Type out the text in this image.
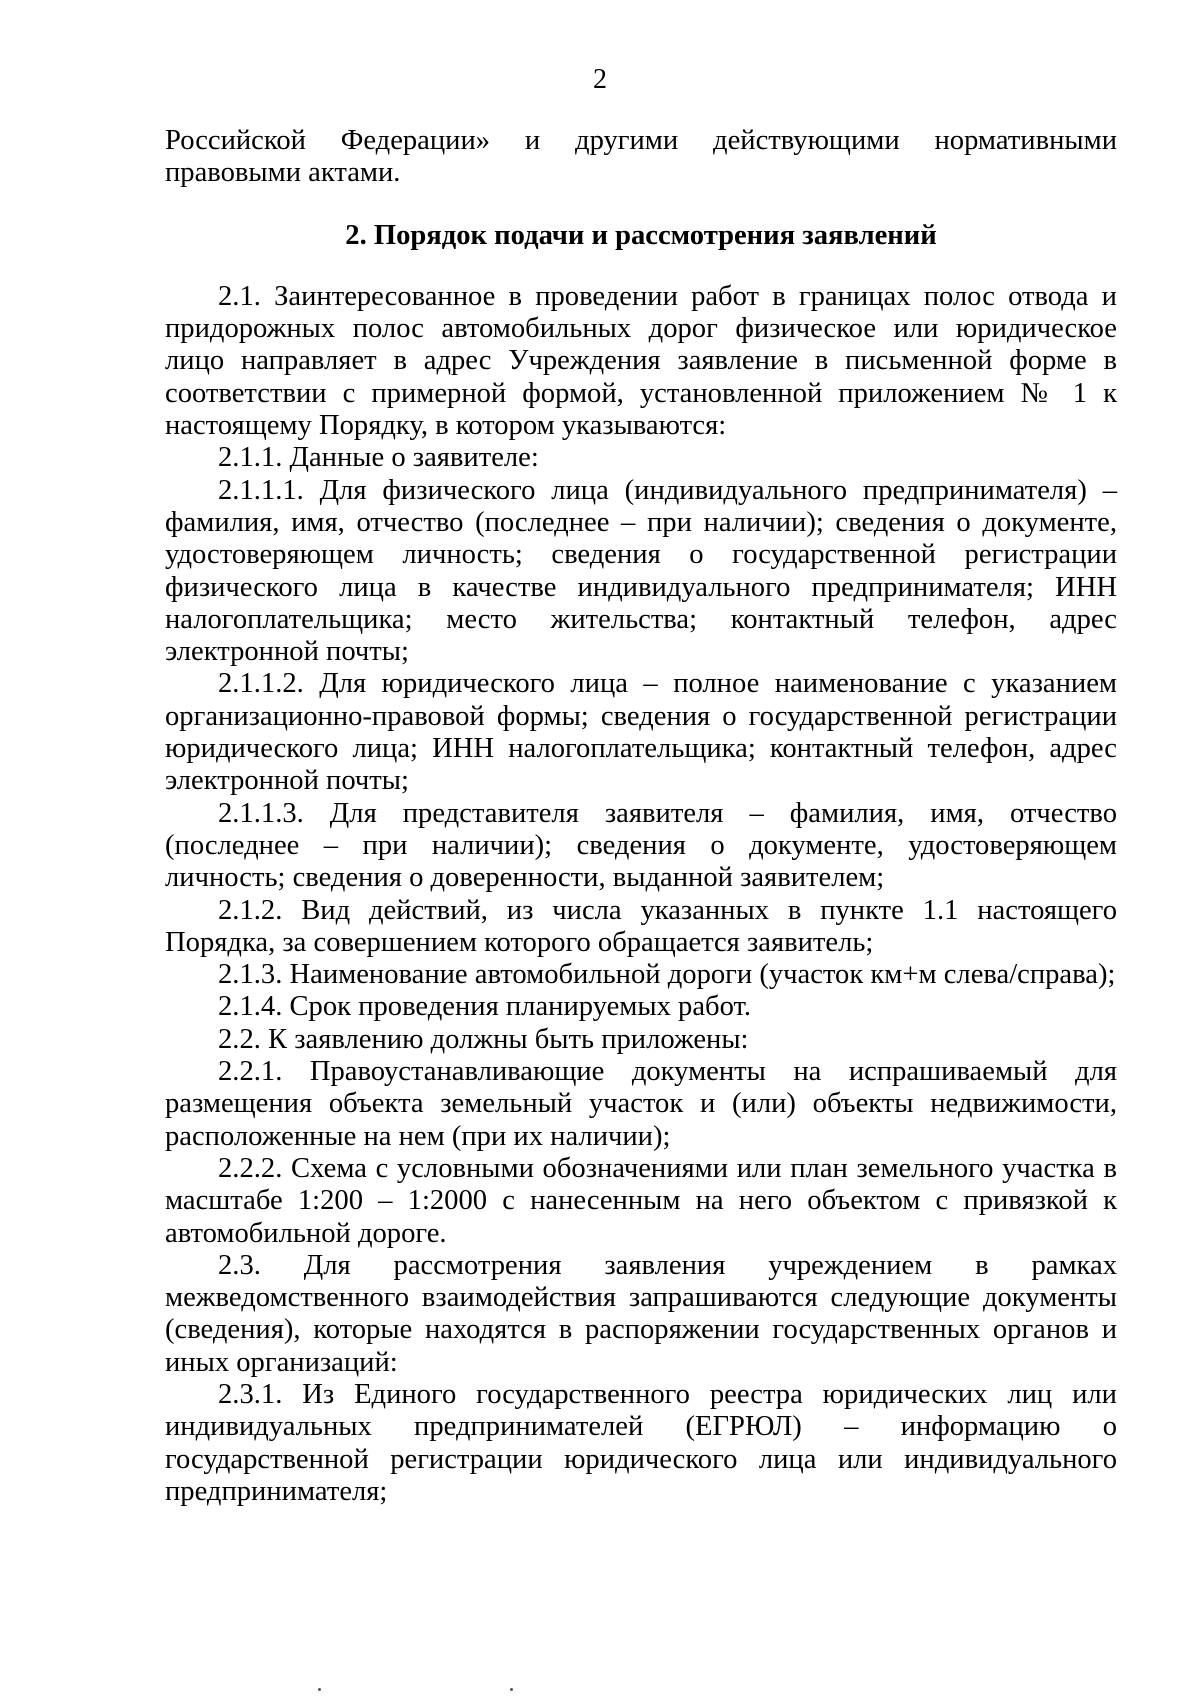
2

Российской Федерации» и другими действующими нормативными правовыми актами.

2. Порядок подачи и рассмотрения заявлений

2.1. Заинтересованное в проведении работ в границах полос отвода и придорожных полос автомобильных дорог физическое или юридическое лицо направляет в адрес Учреждения заявление в письменной форме в соответствии с примерной формой, установленной приложением № 1 к настоящему Порядку, в котором указываются:

2.1.1. Данные о заявителе:

2.1.1.1. Для физического лица (индивидуального предпринимателя) – фамилия, имя, отчество (последнее – при наличии); сведения о документе, удостоверяющем личность; сведения о государственной регистрации физического лица в качестве индивидуального предпринимателя; ИНН налогоплательщика; место жительства; контактный телефон, адрес электронной почты;

2.1.1.2. Для юридического лица – полное наименование с указанием организационно-правовой формы; сведения о государственной регистрации юридического лица; ИНН налогоплательщика; контактный телефон, адрес электронной почты;

2.1.1.3. Для представителя заявителя – фамилия, имя, отчество (последнее – при наличии); сведения о документе, удостоверяющем личность; сведения о доверенности, выданной заявителем;

2.1.2. Вид действий, из числа указанных в пункте 1.1 настоящего Порядка, за совершением которого обращается заявитель;

2.1.3. Наименование автомобильной дороги (участок км+м слева/справа);

2.1.4. Срок проведения планируемых работ.

2.2. К заявлению должны быть приложены:

2.2.1. Правоустанавливающие документы на испрашиваемый для размещения объекта земельный участок и (или) объекты недвижимости, расположенные на нем (при их наличии);

2.2.2. Схема с условными обозначениями или план земельного участка в масштабе 1:200 – 1:2000 с нанесенным на него объектом с привязкой к автомобильной дороге.

2.3. Для рассмотрения заявления учреждением в рамках межведомственного взаимодействия запрашиваются следующие документы (сведения), которые находятся в распоряжении государственных органов и иных организаций:

2.3.1. Из Единого государственного реестра юридических лиц или индивидуальных предпринимателей (ЕГРЮЛ) – информацию о государственной регистрации юридического лица или индивидуального предпринимателя;
